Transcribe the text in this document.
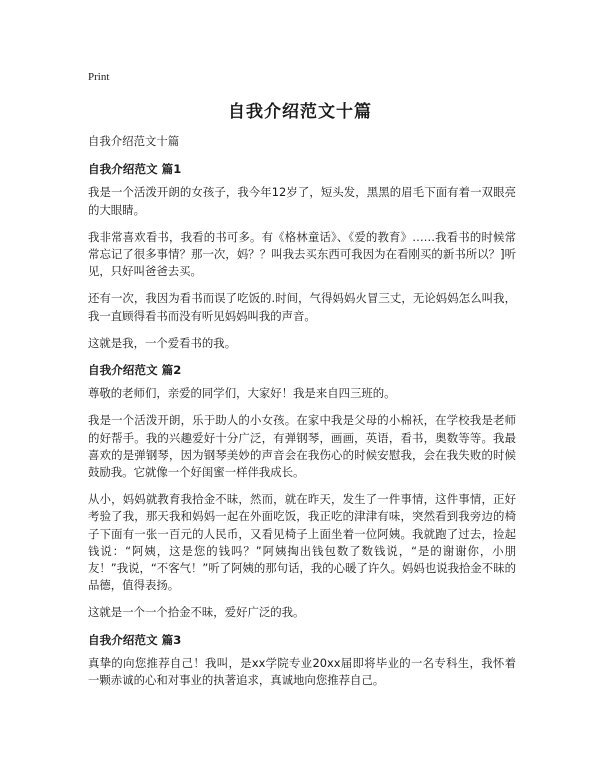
Print
自我介绍范文十篇

自我介绍范文十篇

自我介绍范文 篇1

我是一个活泼开朗的女孩子，我今年12岁了，短头发，黑黑的眉毛下面有着一双眼亮的大眼睛。

我非常喜欢看书，我看的书可多。有《格林童话》、《爱的教育》……我看书的时候常常忘记了很多事情？那一次，妈？？叫我去买东西可我因为在看刚买的新书所以？]听见，只好叫爸爸去买。

还有一次，我因为看书而误了吃饭的.时间，气得妈妈火冒三丈，无论妈妈怎么叫我，我一直顾得看书而没有听见妈妈叫我的声音。

这就是我，一个爱看书的我。

自我介绍范文 篇2

尊敬的老师们，亲爱的同学们，大家好！我是来自四三班的。

我是一个活泼开朗，乐于助人的小女孩。在家中我是父母的小棉袄，在学校我是老师的好帮手。我的兴趣爱好十分广泛，有弹钢琴，画画，英语，看书，奥数等等。我最喜欢的是弹钢琴，因为钢琴美妙的声音会在我伤心的时候安慰我，会在我失败的时候鼓励我。它就像一个好闺蜜一样伴我成长。

从小，妈妈就教育我拾金不昧，然而，就在昨天，发生了一件事情，这件事情，正好考验了我，那天我和妈妈一起在外面吃饭，我正吃的津津有味，突然看到我旁边的椅子下面有一张一百元的人民币，又看见椅子上面坐着一位阿姨。我就跑了过去，捡起钱说：“阿姨，这是您的钱吗？”阿姨掏出钱包数了数钱说，“是的谢谢你，小朋友！”我说，“不客气！”听了阿姨的那句话，我的心暖了许久。妈妈也说我拾金不昧的品德，值得表扬。

这就是一个一个拾金不昧，爱好广泛的我。

自我介绍范文 篇3

真挚的向您推荐自己！我叫，是xx学院专业20xx届即将毕业的一名专科生，我怀着一颗赤诚的心和对事业的执著追求，真诚地向您推荐自己。
